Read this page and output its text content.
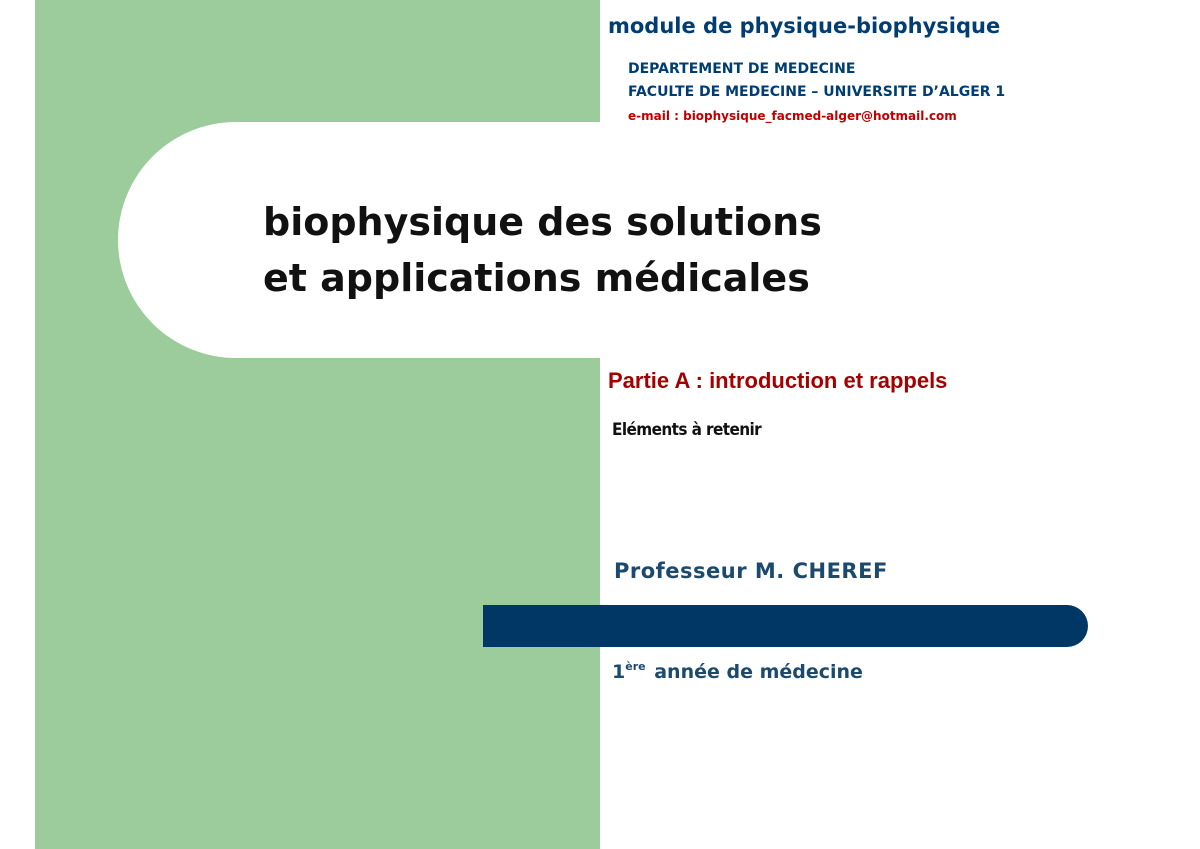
module de physique-biophysique
DEPARTEMENT DE MEDECINE
FACULTE DE MEDECINE – UNIVERSITE D’ALGER 1
e-mail : biophysique_facmed-alger@hotmail.com
biophysique des solutions
et applications médicales
Partie A : introduction et rappels
Eléments à retenir
Professeur M. CHEREF
1ère année de médecine
